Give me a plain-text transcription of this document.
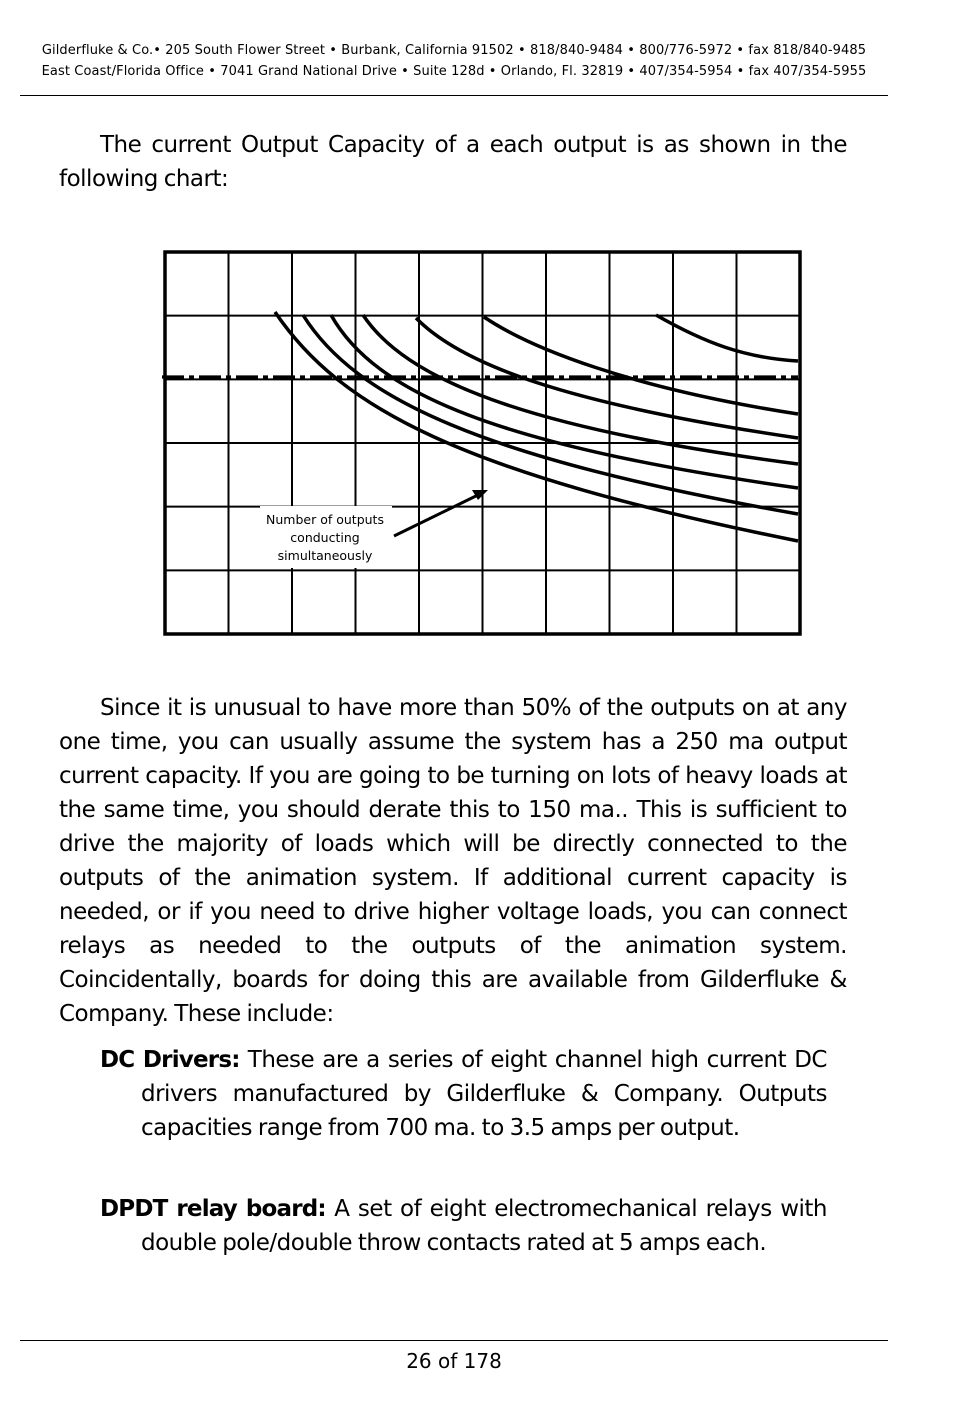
Gilderfluke & Co.• 205 South Flower Street • Burbank, California 91502 • 818/840-9484 • 800/776-5972 • fax 818/840-9485
East Coast/Florida Office • 7041 Grand National Drive • Suite 128d • Orlando, Fl. 32819 • 407/354-5954 • fax 407/354-5955

The current Output Capacity of a each output is as shown in the following chart:

Number of outputs
conducting
simultaneously

Since it is unusual to have more than 50% of the outputs on at any one time, you can usually assume the system has a 250 ma output current capacity. If you are going to be turning on lots of heavy loads at the same time, you should derate this to 150 ma.. This is sufficient to drive the majority of loads which will be directly connected to the outputs of the animation system. If additional current capacity is needed, or if you need to drive higher voltage loads, you can connect relays as needed to the outputs of the animation system. Coincidentally, boards for doing this are available from Gilderfluke & Company. These include:

DC Drivers: These are a series of eight channel high current DC drivers manufactured by Gilderfluke & Company. Outputs capacities range from 700 ma. to 3.5 amps per output.

DPDT relay board: A set of eight electromechanical relays with double pole/double throw contacts rated at 5 amps each.

26 of 178
